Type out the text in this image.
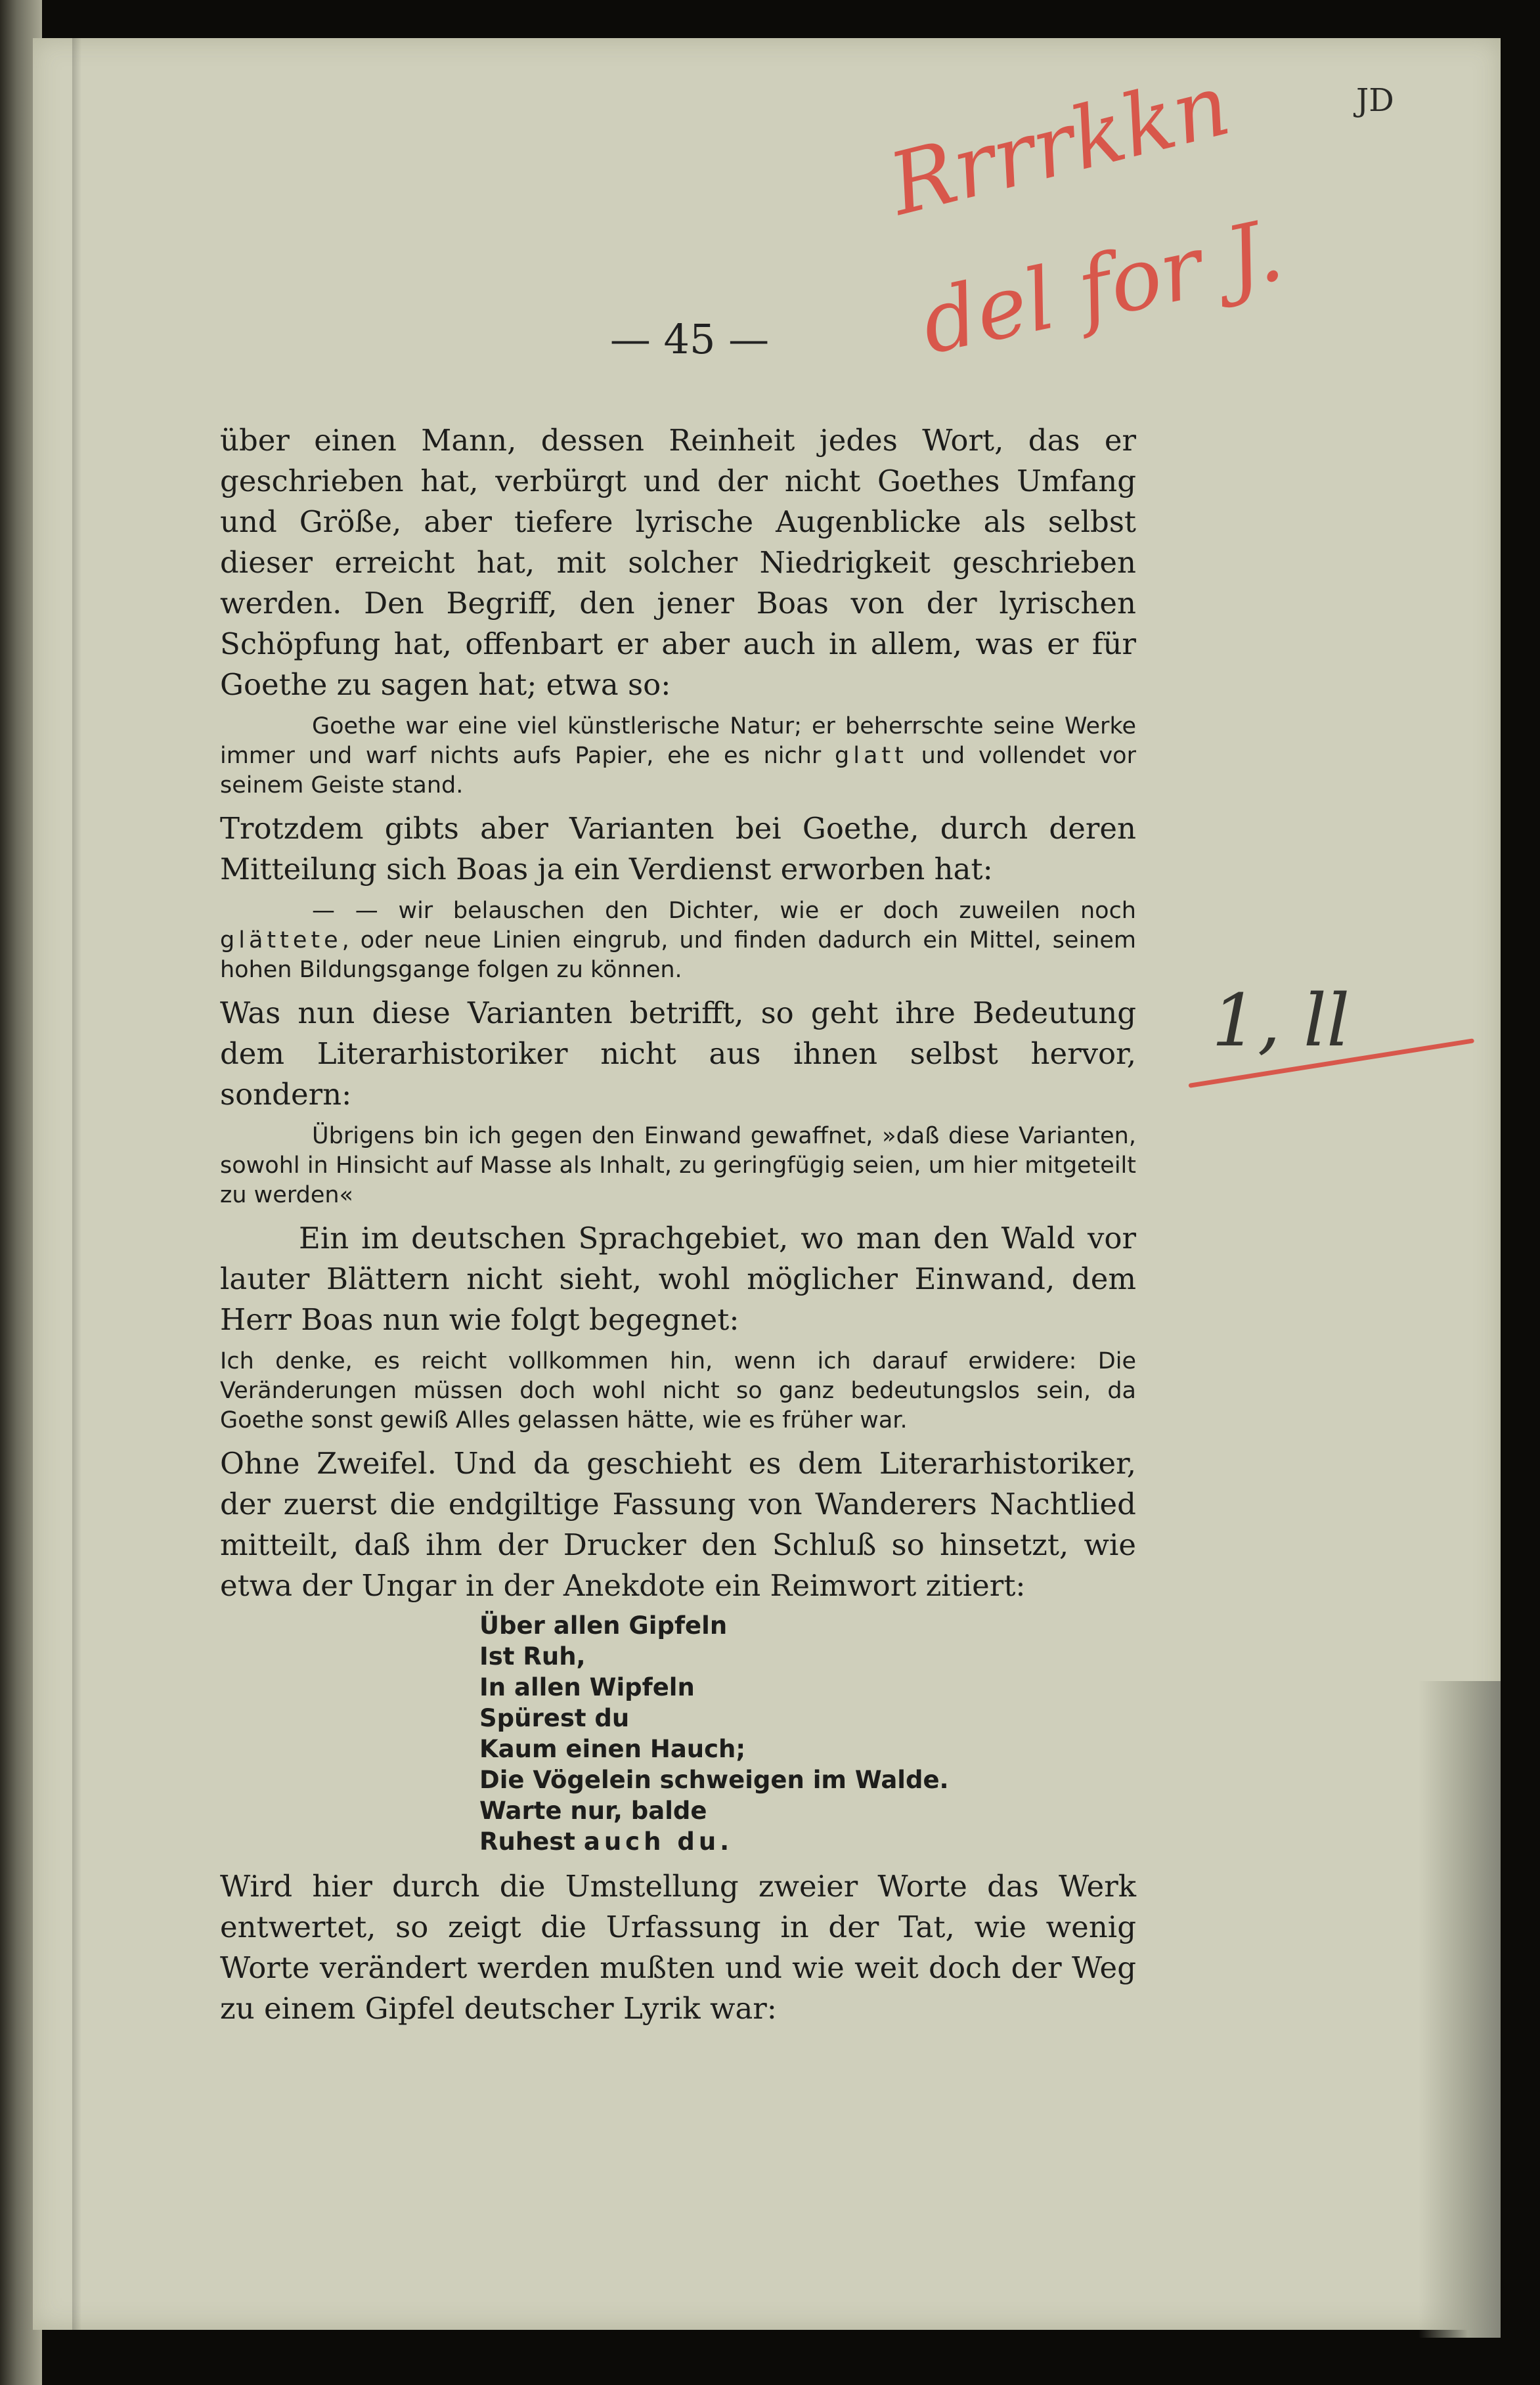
JD
— 45 —
Rrrrkkn
del for J.
1, ll

über einen Mann, dessen Reinheit jedes Wort, das er geschrieben hat, verbürgt und der nicht Goethes Umfang und Größe, aber tiefere lyrische Augenblicke als selbst dieser erreicht hat, mit solcher Niedrigkeit geschrieben werden. Den Begriff, den jener Boas von der lyrischen Schöpfung hat, offenbart er aber auch in allem, was er für Goethe zu sagen hat; etwa so:

Goethe war eine viel künstlerische Natur; er beherrschte seine Werke immer und warf nichts aufs Papier, ehe es nichr glatt und vollendet vor seinem Geiste stand.

Trotzdem gibts aber Varianten bei Goethe, durch deren Mitteilung sich Boas ja ein Verdienst erworben hat:

— — wir belauschen den Dichter, wie er doch zuweilen noch glättete, oder neue Linien eingrub, und finden dadurch ein Mittel, seinem hohen Bildungsgange folgen zu können.

Was nun diese Varianten betrifft, so geht ihre Bedeutung dem Literarhistoriker nicht aus ihnen selbst hervor, sondern:

Übrigens bin ich gegen den Einwand gewaffnet, »daß diese Varianten, sowohl in Hinsicht auf Masse als Inhalt, zu geringfügig seien, um hier mitgeteilt zu werden«

Ein im deutschen Sprachgebiet, wo man den Wald vor lauter Blättern nicht sieht, wohl möglicher Einwand, dem Herr Boas nun wie folgt begegnet:

Ich denke, es reicht vollkommen hin, wenn ich darauf erwidere: Die Veränderungen müssen doch wohl nicht so ganz bedeutungslos sein, da Goethe sonst gewiß Alles gelassen hätte, wie es früher war.

Ohne Zweifel. Und da geschieht es dem Literarhistoriker, der zuerst die endgiltige Fassung von Wanderers Nachtlied mitteilt, daß ihm der Drucker den Schluß so hinsetzt, wie etwa der Ungar in der Anekdote ein Reimwort zitiert:

Über allen Gipfeln
Ist Ruh,
In allen Wipfeln
Spürest du
Kaum einen Hauch;
Die Vögelein schweigen im Walde.
Warte nur, balde
Ruhest auch du.

Wird hier durch die Umstellung zweier Worte das Werk entwertet, so zeigt die Urfassung in der Tat, wie wenig Worte verändert werden mußten und wie weit doch der Weg zu einem Gipfel deutscher Lyrik war:
